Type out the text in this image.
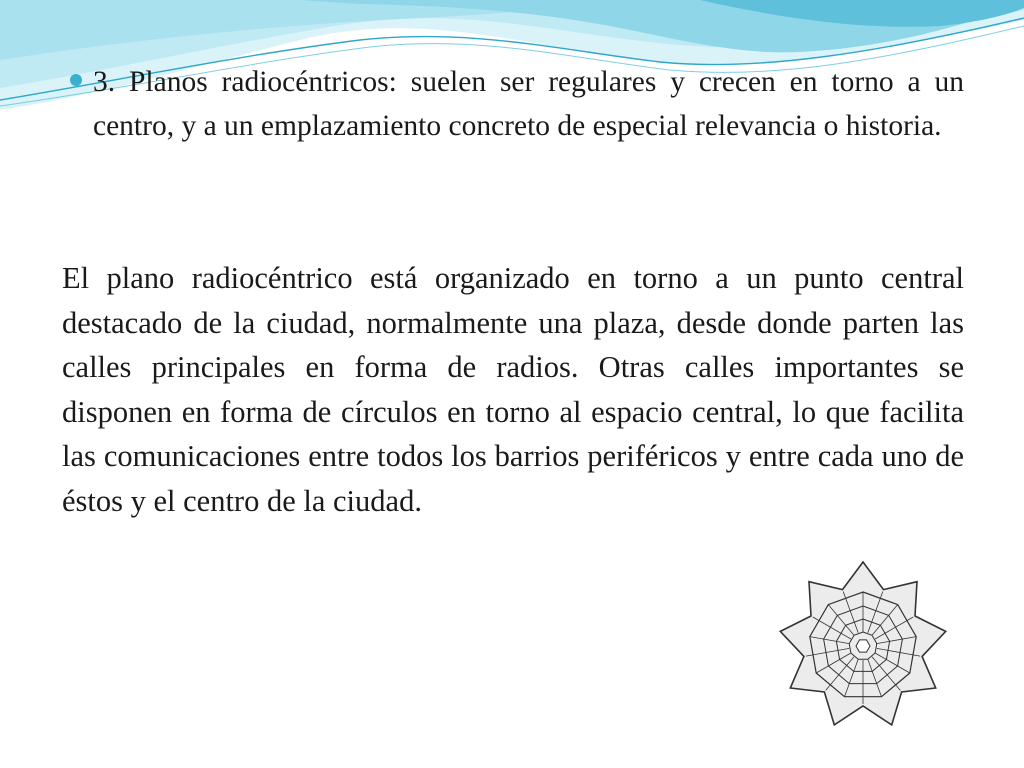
3. Planos radiocéntricos: suelen ser regulares y crecen en torno a un centro, y a un emplazamiento concreto de especial relevancia o historia.

El plano radiocéntrico está organizado en torno a un punto central destacado de la ciudad, normalmente una plaza, desde donde parten las calles principales en forma de radios. Otras calles importantes se disponen en forma de círculos en torno al espacio central, lo que facilita las comunicaciones entre todos los barrios periféricos y entre cada uno de éstos y el centro de la ciudad.
